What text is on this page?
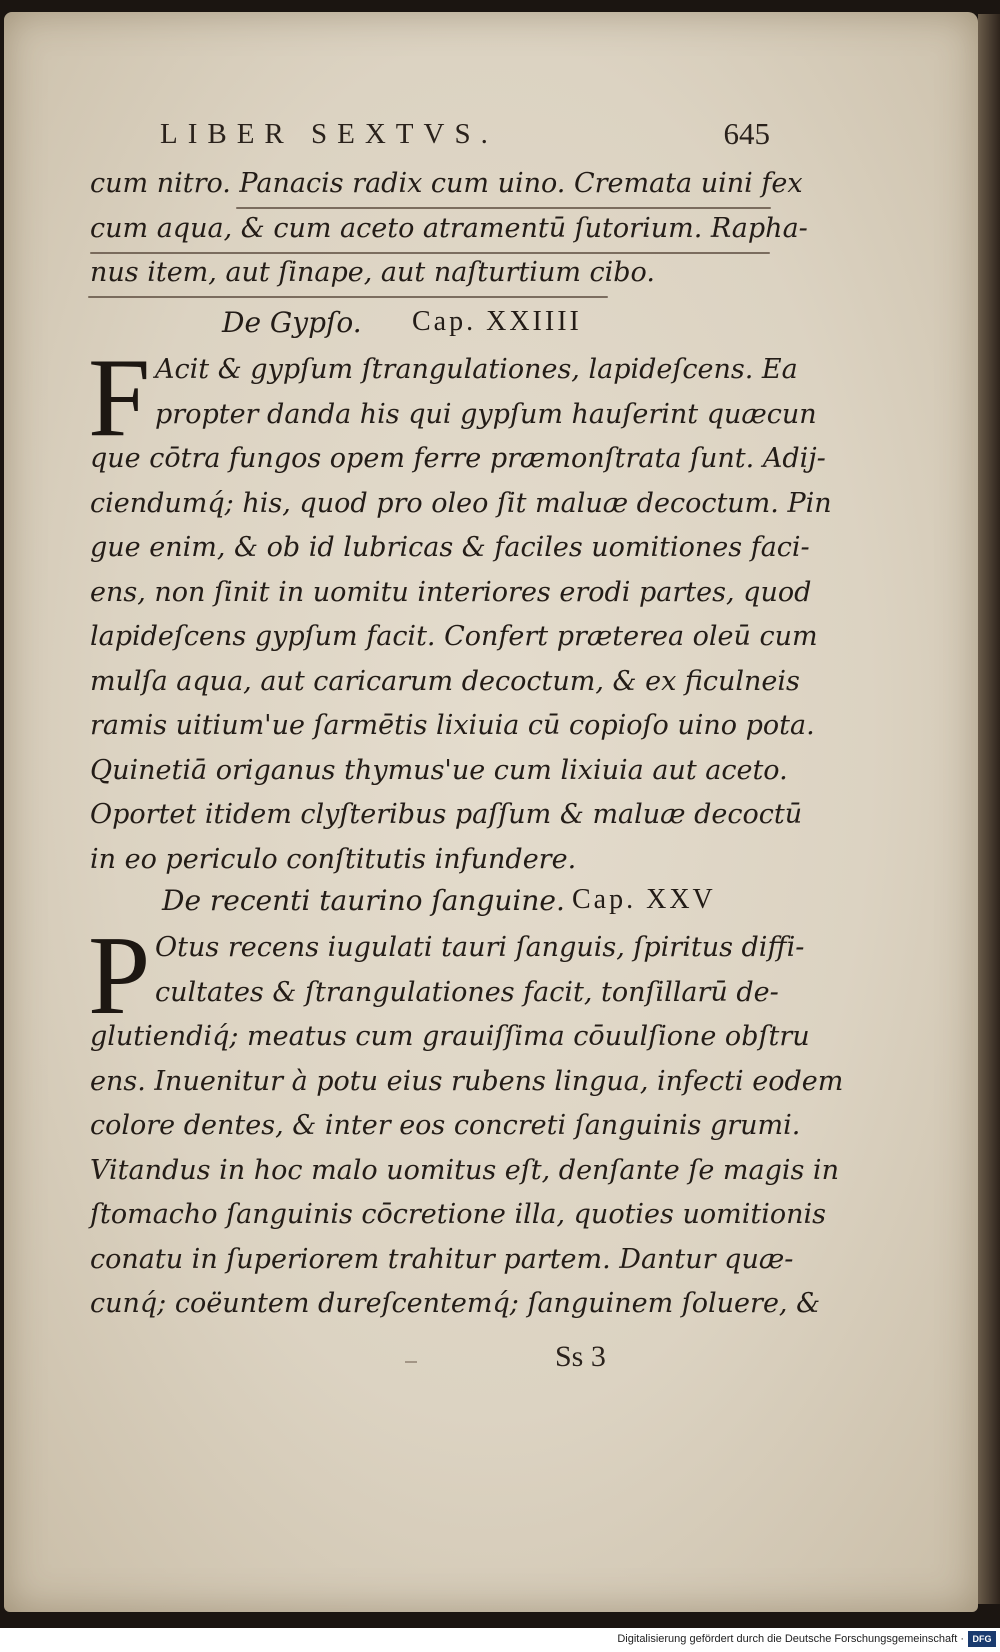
LIBER SEXTVS.	645
cum nitro. Panacis radix cum uino. Cremata uini fex
cum aqua, & cum aceto atramentū ſutorium. Rapha-
nus item, aut ſinape, aut naſturtium cibo.
De Gypſo. Cap. XXIIII
F Acit & gypſum ſtrangulationes, lapideſcens. Ea
propter danda his qui gypſum hauſerint quæcun
que cōtra fungos opem ferre præmonſtrata ſunt. Adij-
ciendumq́; his, quod pro oleo ſit maluæ decoctum. Pin
gue enim, & ob id lubricas & faciles uomitiones faci-
ens, non ſinit in uomitu interiores erodi partes, quod
lapideſcens gypſum facit. Confert præterea oleū cum
mulſa aqua, aut caricarum decoctum, & ex ficulneis
ramis uitium'ue ſarmētis lixiuia cū copioſo uino pota.
Quinetiā origanus thymus'ue cum lixiuia aut aceto.
Oportet itidem clyſteribus paſſum & maluæ decoctū
in eo periculo conſtitutis infundere.
De recenti taurino ſanguine. Cap. XXV
P Otus recens iugulati tauri ſanguis, ſpiritus diffi-
cultates & ſtrangulationes facit, tonſillarū de-
glutiendiq́; meatus cum grauiſſima cōuulſione obſtru
ens. Inuenitur à potu eius rubens lingua, infecti eodem
colore dentes, & inter eos concreti ſanguinis grumi.
Vitandus in hoc malo uomitus eſt, denſante ſe magis in
ſtomacho ſanguinis cōcretione illa, quoties uomitionis
conatu in ſuperiorem trahitur partem. Dantur quæ-
cunq́; coëuntem dureſcentemq́; ſanguinem ſoluere, &
Ss 3
Digitalisierung gefördert durch die Deutsche Forschungsgemeinschaft · DFG
